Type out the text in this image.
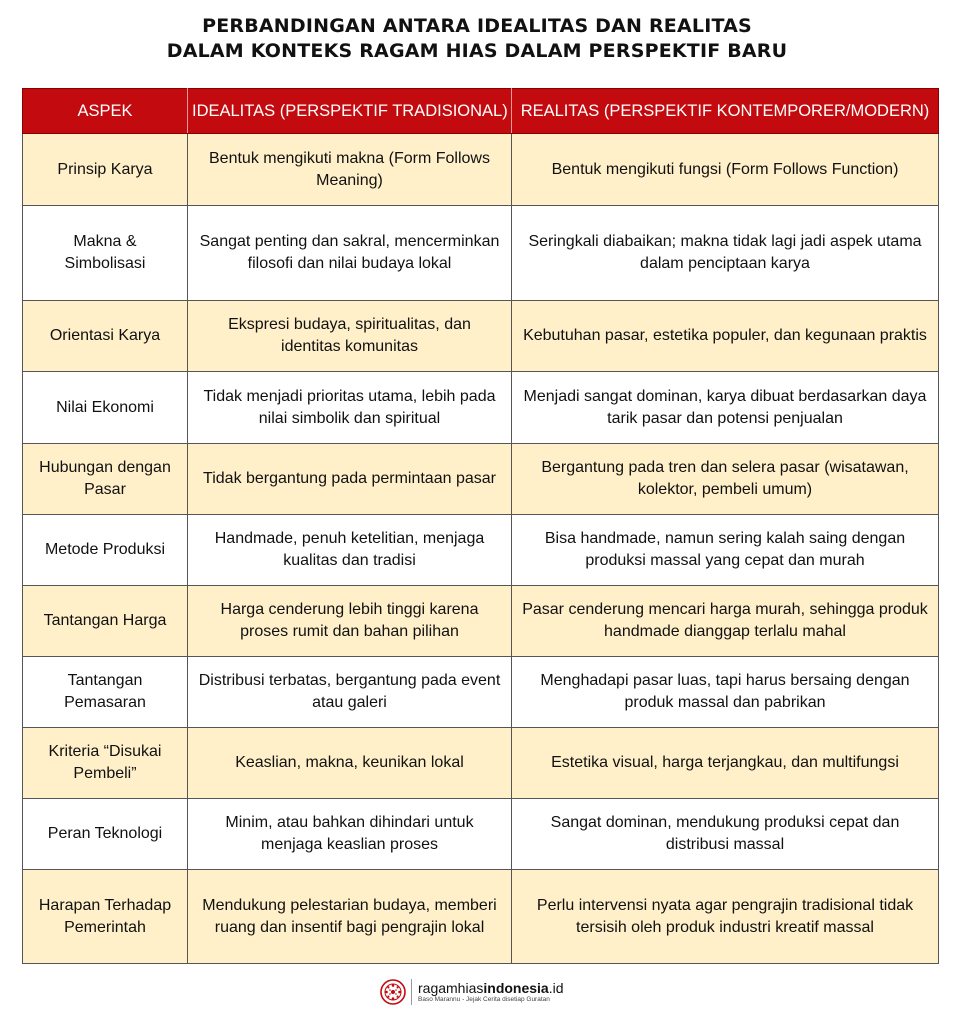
PERBANDINGAN ANTARA IDEALITAS DAN REALITAS
DALAM KONTEKS RAGAM HIAS DALAM PERSPEKTIF BARU
ASPEK	IDEALITAS (PERSPEKTIF TRADISIONAL)	REALITAS (PERSPEKTIF KONTEMPORER/MODERN)
Prinsip Karya	Bentuk mengikuti makna (Form Follows Meaning)	Bentuk mengikuti fungsi (Form Follows Function)
Makna & Simbolisasi	Sangat penting dan sakral, mencerminkan filosofi dan nilai budaya lokal	Seringkali diabaikan; makna tidak lagi jadi aspek utama dalam penciptaan karya
Orientasi Karya	Ekspresi budaya, spiritualitas, dan identitas komunitas	Kebutuhan pasar, estetika populer, dan kegunaan praktis
Nilai Ekonomi	Tidak menjadi prioritas utama, lebih pada nilai simbolik dan spiritual	Menjadi sangat dominan, karya dibuat berdasarkan daya tarik pasar dan potensi penjualan
Hubungan dengan Pasar	Tidak bergantung pada permintaan pasar	Bergantung pada tren dan selera pasar (wisatawan, kolektor, pembeli umum)
Metode Produksi	Handmade, penuh ketelitian, menjaga kualitas dan tradisi	Bisa handmade, namun sering kalah saing dengan produksi massal yang cepat dan murah
Tantangan Harga	Harga cenderung lebih tinggi karena proses rumit dan bahan pilihan	Pasar cenderung mencari harga murah, sehingga produk handmade dianggap terlalu mahal
Tantangan Pemasaran	Distribusi terbatas, bergantung pada event atau galeri	Menghadapi pasar luas, tapi harus bersaing dengan produk massal dan pabrikan
Kriteria “Disukai Pembeli”	Keaslian, makna, keunikan lokal	Estetika visual, harga terjangkau, dan multifungsi
Peran Teknologi	Minim, atau bahkan dihindari untuk menjaga keaslian proses	Sangat dominan, mendukung produksi cepat dan distribusi massal
Harapan Terhadap Pemerintah	Mendukung pelestarian budaya, memberi ruang dan insentif bagi pengrajin lokal	Perlu intervensi nyata agar pengrajin tradisional tidak tersisih oleh produk industri kreatif massal
ragamhiasindonesia.id
Baso Marannu - Jejak Cerita disetiap Guratan
